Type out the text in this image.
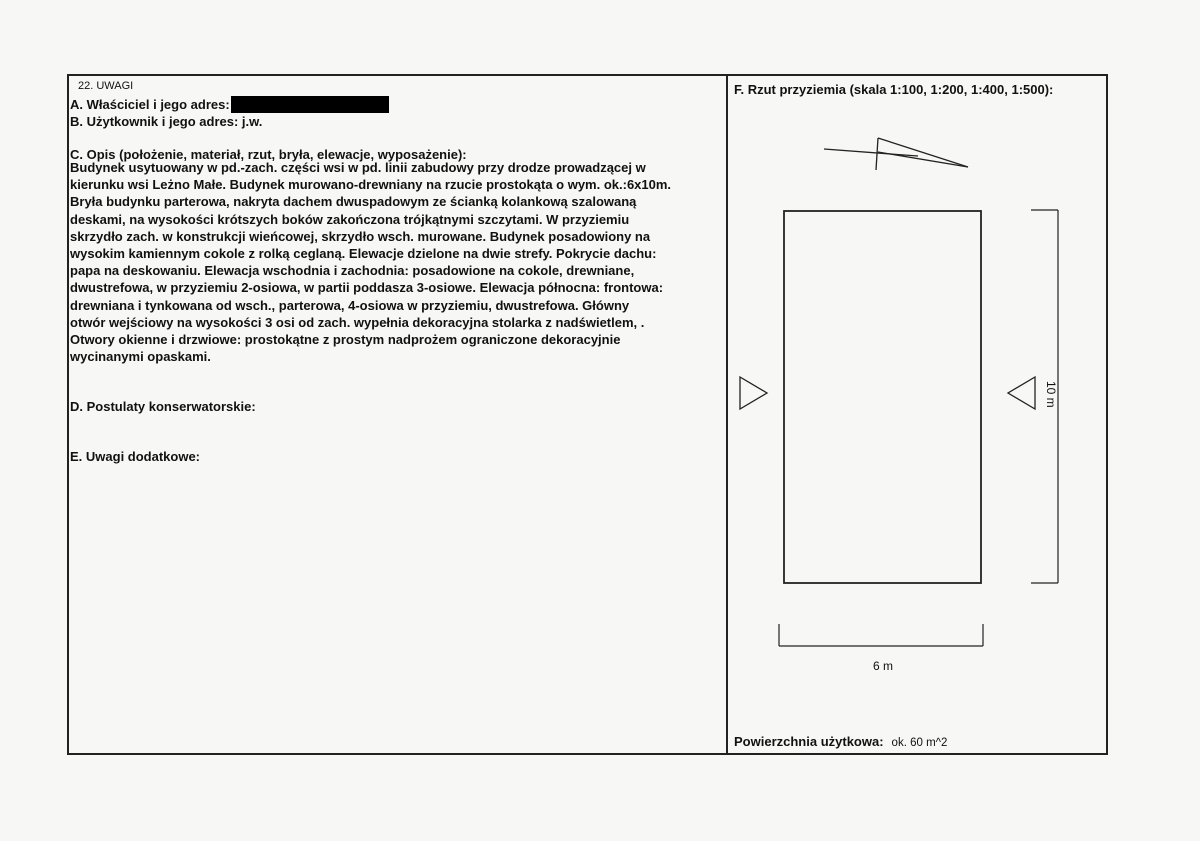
22. UWAGI
A. Właściciel i jego adres:
B. Użytkownik i jego adres: j.w.
C. Opis (położenie, materiał, rzut, bryła, elewacje, wyposażenie):
Budynek usytuowany w pd.-zach. części wsi w pd. linii zabudowy przy drodze prowadzącej w
kierunku wsi Leżno Małe. Budynek murowano-drewniany na rzucie prostokąta o wym. ok.:6x10m.
Bryła budynku parterowa, nakryta dachem dwuspadowym ze ścianką kolankową szalowaną
deskami, na wysokości krótszych boków zakończona trójkątnymi szczytami. W przyziemiu
skrzydło zach. w konstrukcji wieńcowej, skrzydło wsch. murowane. Budynek posadowiony na
wysokim kamiennym cokole z rolką ceglaną. Elewacje dzielone na dwie strefy. Pokrycie dachu:
papa na deskowaniu. Elewacja wschodnia i zachodnia: posadowione na cokole, drewniane,
dwustrefowa, w przyziemiu 2-osiowa, w partii poddasza 3-osiowe. Elewacja północna: frontowa:
drewniana i tynkowana od wsch., parterowa, 4-osiowa w przyziemiu, dwustrefowa. Główny
otwór wejściowy na wysokości 3 osi od zach. wypełnia dekoracyjna stolarka z nadświetlem, .
Otwory okienne i drzwiowe: prostokątne z prostym nadprożem ograniczone dekoracyjnie
wycinanymi opaskami.
D. Postulaty konserwatorskie:
E. Uwagi dodatkowe:
F. Rzut przyziemia (skala 1:100, 1:200, 1:400, 1:500):
6 m
10 m
Powierzchnia użytkowa: ok. 60 m^2
